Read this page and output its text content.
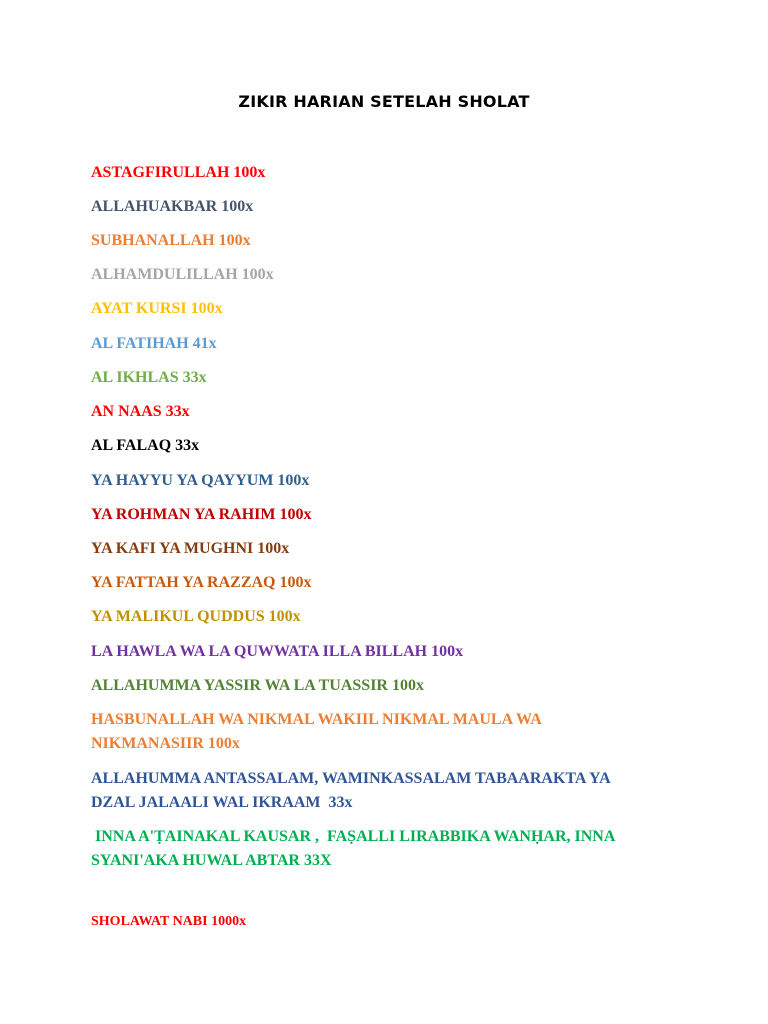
ZIKIR HARIAN SETELAH SHOLAT
ASTAGFIRULLAH 100x
ALLAHUAKBAR 100x
SUBHANALLAH 100x
ALHAMDULILLAH 100x
AYAT KURSI 100x
AL FATIHAH 41x
AL IKHLAS 33x
AN NAAS 33x
AL FALAQ 33x
YA HAYYU YA QAYYUM 100x
YA ROHMAN YA RAHIM 100x
YA KAFI YA MUGHNI 100x
YA FATTAH YA RAZZAQ 100x
YA MALIKUL QUDDUS 100x
LA HAWLA WA LA QUWWATA ILLA BILLAH 100x
ALLAHUMMA YASSIR WA LA TUASSIR 100x
HASBUNALLAH WA NIKMAL WAKIIL NIKMAL MAULA WA
NIKMANASIIR 100x
ALLAHUMMA ANTASSALAM, WAMINKASSALAM TABAARAKTA YA
DZAL JALAALI WAL IKRAAM  33x
INNA A'ṬAINAKAL KAUSAR ,  FAṢALLI LIRABBIKA WANḤAR, INNA
SYANI'AKA HUWAL ABTAR 33X
SHOLAWAT NABI 1000x
